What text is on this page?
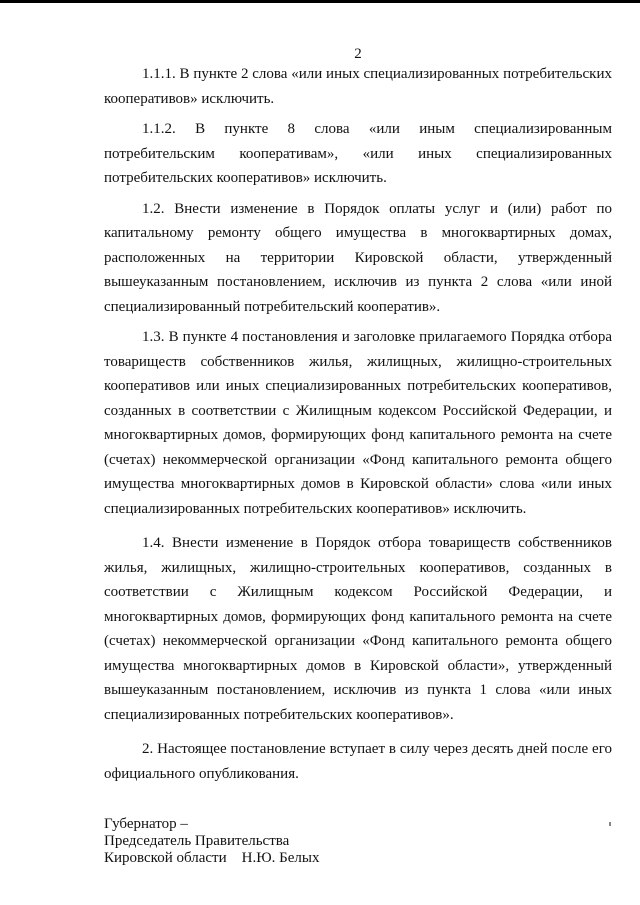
2

1.1.1. В пункте 2 слова «или иных специализированных потребительских кооперативов» исключить.

1.1.2. В пункте 8 слова «или иным специализированным потребительским кооперативам», «или иных специализированных потребительских кооперативов» исключить.

1.2. Внести изменение в Порядок оплаты услуг и (или) работ по капитальному ремонту общего имущества в многоквартирных домах, расположенных на территории Кировской области, утвержденный вышеуказанным постановлением, исключив из пункта 2 слова «или иной специализированный потребительский кооператив».

1.3. В пункте 4 постановления и заголовке прилагаемого Порядка отбора товариществ собственников жилья, жилищных, жилищно-строительных кооперативов или иных специализированных потребительских кооперативов, созданных в соответствии с Жилищным кодексом Российской Федерации, и многоквартирных домов, формирующих фонд капитального ремонта на счете (счетах) некоммерческой организации «Фонд капитального ремонта общего имущества многоквартирных домов в Кировской области» слова «или иных специализированных потребительских кооперативов» исключить.

1.4. Внести изменение в Порядок отбора товариществ собственников жилья, жилищных, жилищно-строительных кооперативов, созданных в соответствии с Жилищным кодексом Российской Федерации, и многоквартирных домов, формирующих фонд капитального ремонта на счете (счетах) некоммерческой организации «Фонд капитального ремонта общего имущества многоквартирных домов в Кировской области», утвержденный вышеуказанным постановлением, исключив из пункта 1 слова «или иных специализированных потребительских кооперативов».

2. Настоящее постановление вступает в силу через десять дней после его официального опубликования.

Губернатор –
Председатель Правительства
Кировской области    Н.Ю. Белых
